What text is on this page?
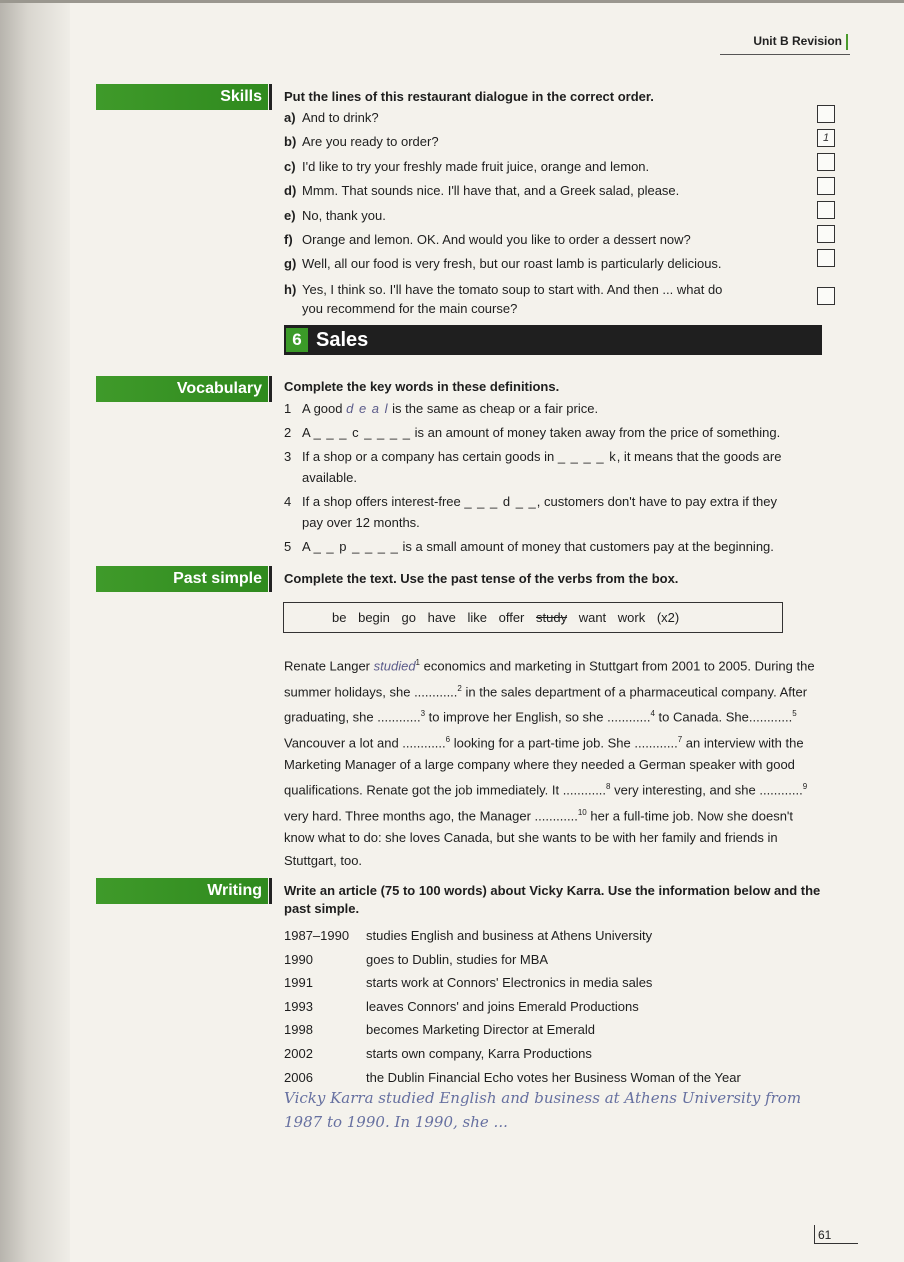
Unit B Revision
Skills	Put the lines of this restaurant dialogue in the correct order.
a) And to drink?
b) Are you ready to order?
c) I'd like to try your freshly made fruit juice, orange and lemon.
d) Mmm. That sounds nice. I'll have that, and a Greek salad, please.
e) No, thank you.
f) Orange and lemon. OK. And would you like to order a dessert now?
g) Well, all our food is very fresh, but our roast lamb is particularly delicious.
h) Yes, I think so. I'll have the tomato soup to start with. And then ... what do
you recommend for the main course?
1
6 Sales
Vocabulary	Complete the key words in these definitions.
1 A good d e a l is the same as cheap or a fair price.
2 A _ _ _ c _ _ _ _ is an amount of money taken away from the price of something.
3 If a shop or a company has certain goods in _ _ _ _ k, it means that the goods are
available.
4 If a shop offers interest-free _ _ _ d _ _, customers don't have to pay extra if they
pay over 12 months.
5 A _ _ p _ _ _ _ is a small amount of money that customers pay at the beginning.
Past simple	Complete the text. Use the past tense of the verbs from the box.
be begin go have like offer study want work (x2)
Renate Langer studied$^1$ economics and marketing in Stuttgart from 2001 to 2005. During the summer holidays, she ............$^2$ in the sales department of a pharmaceutical company. After graduating, she ............$^3$ to improve her English, so she ............$^4$ to Canada. She............$^5$ Vancouver a lot and ............$^6$ looking for a part-time job. She ............$^7$ an interview with the Marketing Manager of a large company where they needed a German speaker with good qualifications. Renate got the job immediately. It ............$^8$ very interesting, and she ............$^9$ very hard. Three months ago, the Manager ............$^{10}$ her a full-time job. Now she doesn't know what to do: she loves Canada, but she wants to be with her family and friends in Stuttgart, too.
Writing	Write an article (75 to 100 words) about Vicky Karra. Use the information below and the past simple.
1987–1990	studies English and business at Athens University
1990	goes to Dublin, studies for MBA
1991	starts work at Connors' Electronics in media sales
1993	leaves Connors' and joins Emerald Productions
1998	becomes Marketing Director at Emerald
2002	starts own company, Karra Productions
2006	the Dublin Financial Echo votes her Business Woman of the Year
Vicky Karra studied English and business at Athens University from 1987 to 1990. In 1990, she ...
61
